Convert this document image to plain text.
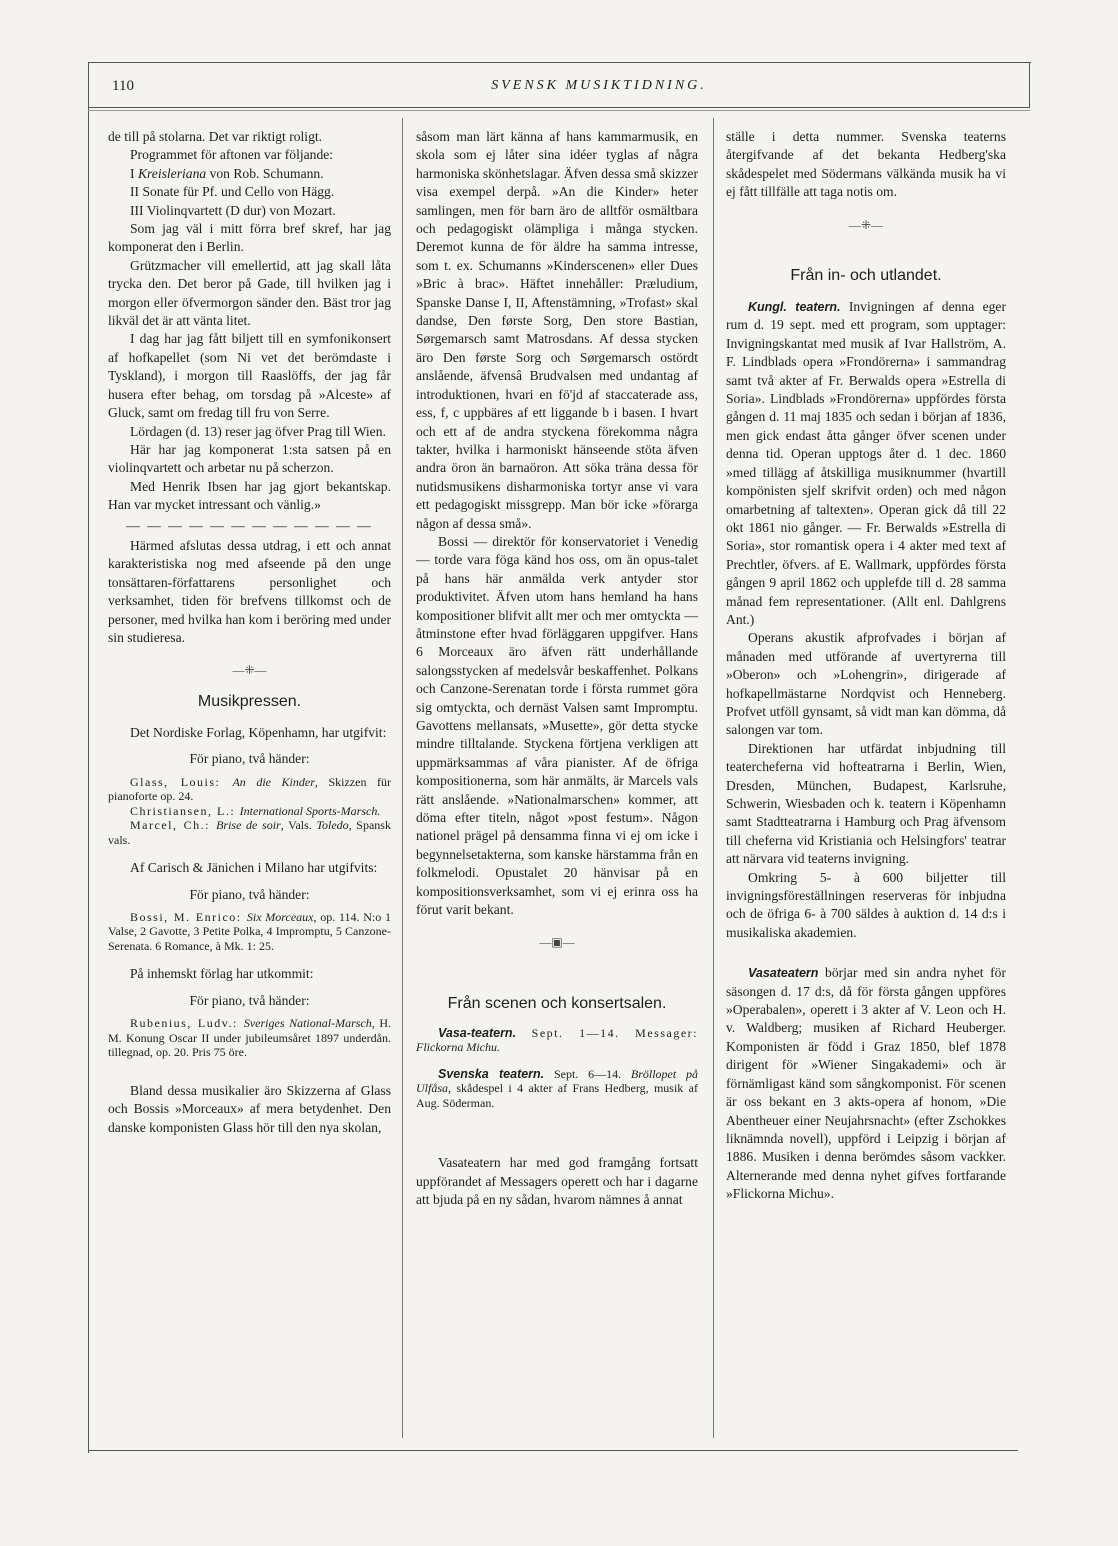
110	SVENSK MUSIKTIDNING.

de till på stolarna. Det var riktigt roligt.

Programmet för aftonen var följande:

I Kreisleriana von Rob. Schumann.

II Sonate für Pf. und Cello von Hägg.

III Violinqvartett (D dur) von Mozart.

Som jag väl i mitt förra bref skref, har jag komponerat den i Berlin.

Grützmacher vill emellertid, att jag skall låta trycka den. Det beror på Gade, till hvilken jag i morgon eller öfvermorgon sänder den. Bäst tror jag likväl det är att vänta litet.

I dag har jag fått biljett till en symfonikonsert af hofkapellet (som Ni vet det berömdaste i Tyskland), i morgon till Raaslöffs, der jag får husera efter behag, om torsdag på »Alceste» af Gluck, samt om fredag till fru von Serre.

Lördagen (d. 13) reser jag öfver Prag till Wien.

Här har jag komponerat 1:sta satsen på en violinqvartett och arbetar nu på scherzon.

Med Henrik Ibsen har jag gjort bekantskap. Han var mycket intressant och vänlig.»

— — — — — — — — — — — —

Härmed afslutas dessa utdrag, i ett och annat karakteristiska nog med afseende på den unge tonsättaren-författarens personlighet och verksamhet, tiden för brefvens tillkomst och de personer, med hvilka han kom i beröring med under sin studieresa.

—⁜—
Musikpressen.

Det Nordiske Forlag, Köpenhamn, har utgifvit:

För piano, två händer:

Glass, Louis: An die Kinder, Skizzen für pianoforte op. 24.

Christiansen, L.: International Sports-Marsch.

Marcel, Ch.: Brise de soir, Vals. Toledo, Spansk vals.

Af Carisch & Jänichen i Milano har utgifvits:

För piano, två händer:

Bossi, M. Enrico: Six Morceaux, op. 114. N:o 1 Valse, 2 Gavotte, 3 Petite Polka, 4 Impromptu, 5 Canzone-Serenata. 6 Romance, à Mk. 1: 25.

På inhemskt förlag har utkommit:

För piano, två händer:

Rubenius, Ludv.: Sveriges National-Marsch, H. M. Konung Oscar II under jubileumsåret 1897 underdån. tillegnad, op. 20. Pris 75 öre.

Bland dessa musikalier äro Skizzerna af Glass och Bossis »Morceaux» af mera betydenhet. Den danske komponisten Glass hör till den nya skolan,

såsom man lärt känna af hans kammarmusik, en skola som ej låter sina idéer tyglas af några harmoniska skönhetslagar. Äfven dessa små skizzer visa exempel derpå. »An die Kinder» heter samlingen, men för barn äro de alltför osmältbara och pedagogiskt olämpliga i många stycken. Deremot kunna de för äldre ha samma intresse, som t. ex. Schumanns »Kinderscenen» eller Dues »Bric à brac». Häftet innehåller: Præludium, Spanske Danse I, II, Aftenstämning, »Trofast» skal dandse, Den første Sorg, Den store Bastian, Sørgemarsch samt Matrosdans. Af dessa stycken äro Den første Sorg och Sørgemarsch ostördt anslående, äfvensâ Brudvalsen med undantag af introduktionen, hvari en fö'jd af staccaterade ass, ess, f, c uppbäres af ett liggande b i basen. I hvart och ett af de andra styckena förekomma några takter, hvilka i harmoniskt hänseende stöta äfven andra öron än barnaöron. Att söka träna dessa för nutidsmusikens disharmoniska tortyr anse vi vara ett pedagogiskt missgrepp. Man bör icke »förarga någon af dessa små».

Bossi — direktör för konservatoriet i Venedig — torde vara föga känd hos oss, om än opus-talet på hans här anmälda verk antyder stor produktivitet. Äfven utom hans hemland ha hans kompositioner blifvit allt mer och mer omtyckta — åtminstone efter hvad förläggaren uppgifver. Hans 6 Morceaux äro äfven rätt underhållande salongsstycken af medelsvår beskaffenhet. Polkans och Canzone-Serenatan torde i första rummet göra sig omtyckta, och dernäst Valsen samt Impromptu. Gavottens mellansats, »Musette», gör detta stycke mindre tilltalande. Styckena förtjena verkligen att uppmärksammas af våra pianister. Af de öfriga kompositionerna, som här anmälts, är Marcels vals rätt anslående. »Nationalmarschen» kommer, att döma efter titeln, något »post festum». Någon nationel prägel på densamma finna vi ej om icke i begynnelsetakterna, som kanske härstamma från en folkmelodi. Opustalet 20 hänvisar på en kompositionsverksamhet, som vi ej erinra oss ha förut varit bekant.

—▣—
Från scenen och konsertsalen.

Vasa-teatern. Sept. 1—14. Messager: Flickorna Michu.

Svenska teatern. Sept. 6—14. Bröllopet på Ulfåsa, skådespel i 4 akter af Frans Hedberg, musik af Aug. Söderman.

Vasateatern har med god framgång fortsatt uppförandet af Messagers operett och har i dagarne att bjuda på en ny sådan, hvarom nämnes å annat

ställe i detta nummer. Svenska teaterns återgifvande af det bekanta Hedberg'ska skådespelet med Södermans välkända musik ha vi ej fått tillfälle att taga notis om.

—⁜—
Från in- och utlandet.

Kungl. teatern. Invigningen af denna eger rum d. 19 sept. med ett program, som upptager: Invigningskantat med musik af Ivar Hallström, A. F. Lindblads opera »Frondörerna» i sammandrag samt två akter af Fr. Berwalds opera »Estrella di Soria». Lindblads »Frondörerna» uppfördes första gången d. 11 maj 1835 och sedan i början af 1836, men gick endast åtta gånger öfver scenen under denna tid. Operan upptogs åter d. 1 dec. 1860 »med tillägg af åtskilliga musiknummer (hvartill kompönisten sjelf skrifvit orden) och med någon omarbetning af taltexten». Operan gick då till 22 okt 1861 nio gånger. — Fr. Berwalds »Estrella di Soria», stor romantisk opera i 4 akter med text af Prechtler, öfvers. af E. Wallmark, uppfördes första gången 9 april 1862 och upplefde till d. 28 samma månad fem representationer. (Allt enl. Dahlgrens Ant.)

Operans akustik afprofvades i början af månaden med utförande af uvertyrerna till »Oberon» och »Lohengrin», dirigerade af hofkapellmästarne Nordqvist och Henneberg. Profvet utföll gynsamt, så vidt man kan dömma, då salongen var tom.

Direktionen har utfärdat inbjudning till teatercheferna vid hofteatrarna i Berlin, Wien, Dresden, München, Budapest, Karlsruhe, Schwerin, Wiesbaden och k. teatern i Köpenhamn samt Stadtteatrarna i Hamburg och Prag äfvensom till cheferna vid Kristiania och Helsingfors' teatrar att närvara vid teaterns invigning.

Omkring 5- à 600 biljetter till invigningsföreställningen reserveras för inbjudna och de öfriga 6- à 700 säldes à auktion d. 14 d:s i musikaliska akademien.

Vasateatern börjar med sin andra nyhet för säsongen d. 17 d:s, då för första gången uppföres »Operabalen», operett i 3 akter af V. Leon och H. v. Waldberg; musiken af Richard Heuberger. Komponisten är född i Graz 1850, blef 1878 dirigent för »Wiener Singakademi» och är förnämligast känd som sångkomponist. För scenen är oss bekant en 3 akts-opera af honom, »Die Abentheuer einer Neujahrsnacht» (efter Zschokkes liknämnda novell), uppförd i Leipzig i början af 1886. Musiken i denna berömdes såsom vackker. Alternerande med denna nyhet gifves fortfarande »Flickorna Michu».
